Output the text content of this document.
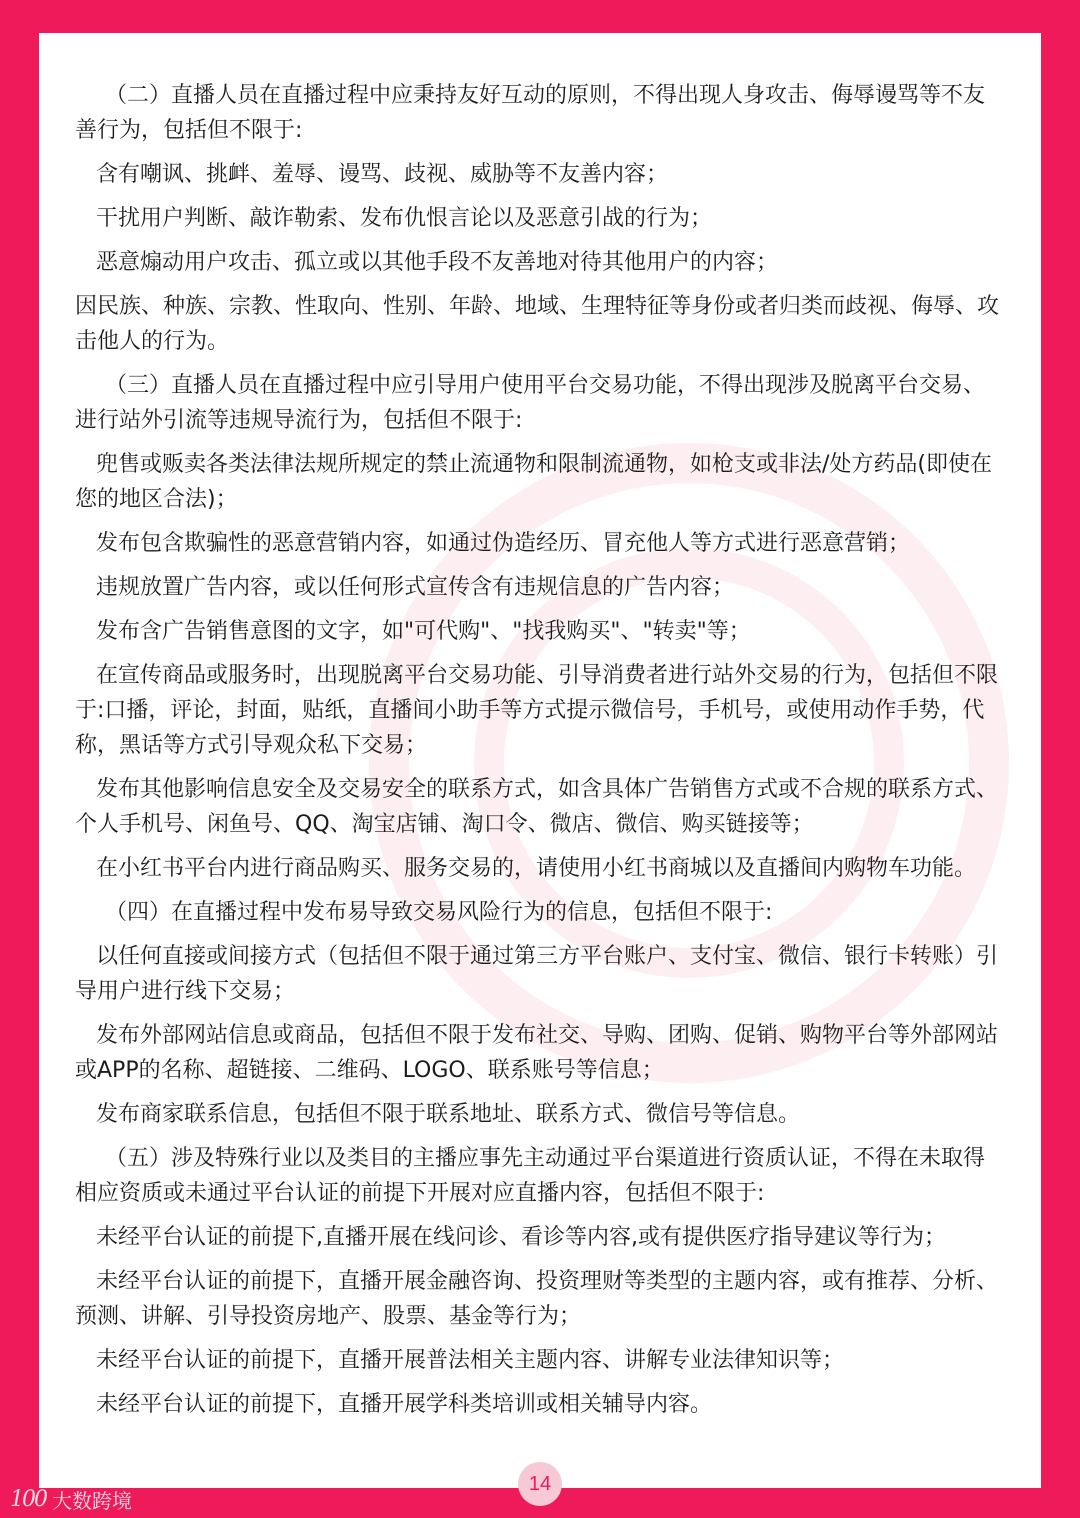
（二）直播人员在直播过程中应秉持友好互动的原则，不得出现人身攻击、侮辱谩骂等不友善行为，包括但不限于:

含有嘲讽、挑衅、羞辱、谩骂、歧视、威胁等不友善内容；

干扰用户判断、敲诈勒索、发布仇恨言论以及恶意引战的行为；

恶意煽动用户攻击、孤立或以其他手段不友善地对待其他用户的内容；

因民族、种族、宗教、性取向、性别、年龄、地域、生理特征等身份或者归类而歧视、侮辱、攻击他人的行为。

（三）直播人员在直播过程中应引导用户使用平台交易功能，不得出现涉及脱离平台交易、进行站外引流等违规导流行为，包括但不限于:

兜售或贩卖各类法律法规所规定的禁止流通物和限制流通物，如枪支或非法/处方药品(即使在您的地区合法)；

发布包含欺骗性的恶意营销内容，如通过伪造经历、冒充他人等方式进行恶意营销；

违规放置广告内容，或以任何形式宣传含有违规信息的广告内容；

发布含广告销售意图的文字，如"可代购"、"找我购买"、"转卖"等；

在宣传商品或服务时，出现脱离平台交易功能、引导消费者进行站外交易的行为，包括但不限于:口播，评论，封面，贴纸，直播间小助手等方式提示微信号，手机号，或使用动作手势，代称，黑话等方式引导观众私下交易；

发布其他影响信息安全及交易安全的联系方式，如含具体广告销售方式或不合规的联系方式、个人手机号、闲鱼号、QQ、淘宝店铺、淘口令、微店、微信、购买链接等；

在小红书平台内进行商品购买、服务交易的，请使用小红书商城以及直播间内购物车功能。

（四）在直播过程中发布易导致交易风险行为的信息，包括但不限于:

以任何直接或间接方式（包括但不限于通过第三方平台账户、支付宝、微信、银行卡转账）引导用户进行线下交易；

发布外部网站信息或商品，包括但不限于发布社交、导购、团购、促销、购物平台等外部网站或APP的名称、超链接、二维码、LOGO、联系账号等信息；

发布商家联系信息，包括但不限于联系地址、联系方式、微信号等信息。

（五）涉及特殊行业以及类目的主播应事先主动通过平台渠道进行资质认证，不得在未取得相应资质或未通过平台认证的前提下开展对应直播内容，包括但不限于:

未经平台认证的前提下,直播开展在线问诊、看诊等内容,或有提供医疗指导建议等行为；

未经平台认证的前提下，直播开展金融咨询、投资理财等类型的主题内容，或有推荐、分析、预测、讲解、引导投资房地产、股票、基金等行为；

未经平台认证的前提下，直播开展普法相关主题内容、讲解专业法律知识等；

未经平台认证的前提下，直播开展学科类培训或相关辅导内容。

14
100 大数跨境
